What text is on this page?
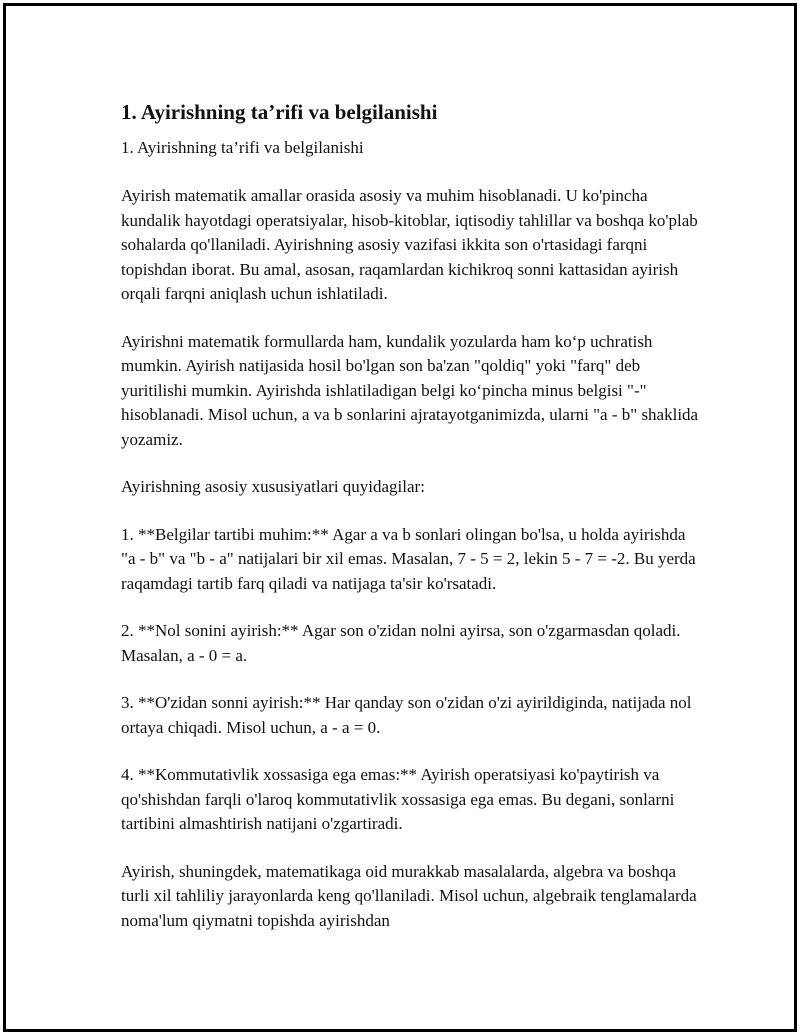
1. Ayirishning ta’rifi va belgilanishi
1. Ayirishning ta’rifi va belgilanishi

Ayirish matematik amallar orasida asosiy va muhim hisoblanadi. U ko'pincha kundalik hayotdagi operatsiyalar, hisob-kitoblar, iqtisodiy tahlillar va boshqa ko'plab sohalarda qo'llaniladi. Ayirishning asosiy vazifasi ikkita son o'rtasidagi farqni topishdan iborat. Bu amal, asosan, raqamlardan kichikroq sonni kattasidan ayirish orqali farqni aniqlash uchun ishlatiladi.

Ayirishni matematik formullarda ham, kundalik yozularda ham ko‘p uchratish mumkin. Ayirish natijasida hosil bo'lgan son ba'zan "qoldiq" yoki "farq" deb yuritilishi mumkin. Ayirishda ishlatiladigan belgi ko‘pincha minus belgisi "-" hisoblanadi. Misol uchun, a va b sonlarini ajratayotganimizda, ularni "a - b" shaklida yozamiz.

Ayirishning asosiy xususiyatlari quyidagilar:

1. **Belgilar tartibi muhim:** Agar a va b sonlari olingan bo'lsa, u holda ayirishda "a - b" va "b - a" natijalari bir xil emas. Masalan, 7 - 5 = 2, lekin 5 - 7 = -2. Bu yerda raqamdagi tartib farq qiladi va natijaga ta'sir ko'rsatadi.

2. **Nol sonini ayirish:** Agar son o'zidan nolni ayirsa, son o'zgarmasdan qoladi. Masalan, a - 0 = a.

3. **O'zidan sonni ayirish:** Har qanday son o'zidan o'zi ayirildiginda, natijada nol ortaya chiqadi. Misol uchun, a - a = 0.

4. **Kommutativlik xossasiga ega emas:** Ayirish operatsiyasi ko'paytirish va qo'shishdan farqli o'laroq kommutativlik xossasiga ega emas. Bu degani, sonlarni tartibini almashtirish natijani o'zgartiradi.

Ayirish, shuningdek, matematikaga oid murakkab masalalarda, algebra va boshqa turli xil tahliliy jarayonlarda keng qo'llaniladi. Misol uchun, algebraik tenglamalarda noma'lum qiymatni topishda ayirishdan
